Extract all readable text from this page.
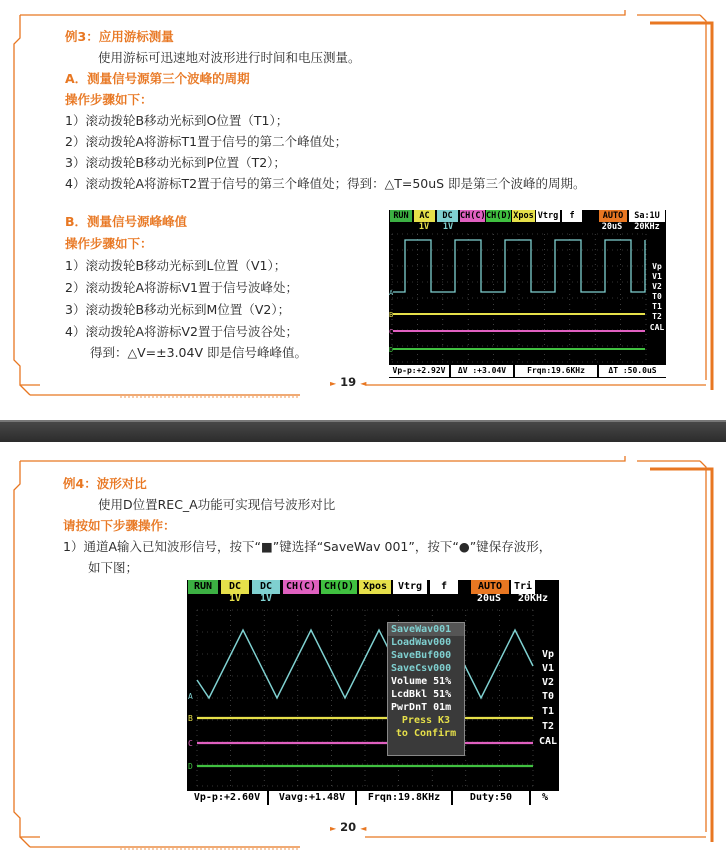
例3：应用游标测量
使用游标可迅速地对波形进行时间和电压测量。
A．测量信号源第三个波峰的周期
操作步骤如下：
1）滚动拨轮B移动光标到O位置（T1）；
2）滚动拨轮A将游标T1置于信号的第二个峰值处；
3）滚动拨轮B移动光标到P位置（T2）；
4）滚动拨轮A将游标T2置于信号的第三个峰值处；得到：△T=50uS 即是第三个波峰的周期。
B．测量信号源峰峰值
操作步骤如下：
1）滚动拨轮B移动光标到L位置（V1）；
2）滚动拨轮A将游标V1置于信号波峰处；
3）滚动拨轮B移动光标到M位置（V2）；
4）滚动拨轮A将游标V2置于信号波谷处；
得到：△V=±3.04V 即是信号峰峰值。
► 19 ◄
RUN	AC	DC CH(C) CH(D) Xpos Vtrg	f	AUTO	Sa:1U
1V	1V	20uS	20KHz
A
B
C
D
Vp
V1
V2
T0
T1
T2
CAL
Vp-p:+2.92V	ΔV :+3.04V	Frqn:19.6KHz	ΔT :50.0uS
例4：波形对比
使用D位置REC_A功能可实现信号波形对比
请按如下步骤操作：
1）通道A输入已知波形信号，按下“■”键选择“SaveWav 001”，按下“●”键保存波形，
如下图；
► 20 ◄
RUN	DC	DC	CH(C) CH(D) Xpos	Vtrg	f	AUTO	Tri
1V	1V	20uS	20KHz
A
B
C
D
Vp
V1
V2
T0
T1
T2
CAL
SaveWav001
LoadWav000
SaveBuf000
SaveCsv000
Volume 51%
LcdBkl 51%
PwrDnT 01m
Press K3
to Confirm
Vp-p:+2.60V	Vavg:+1.48V	Frqn:19.8KHz	Duty:50	%
